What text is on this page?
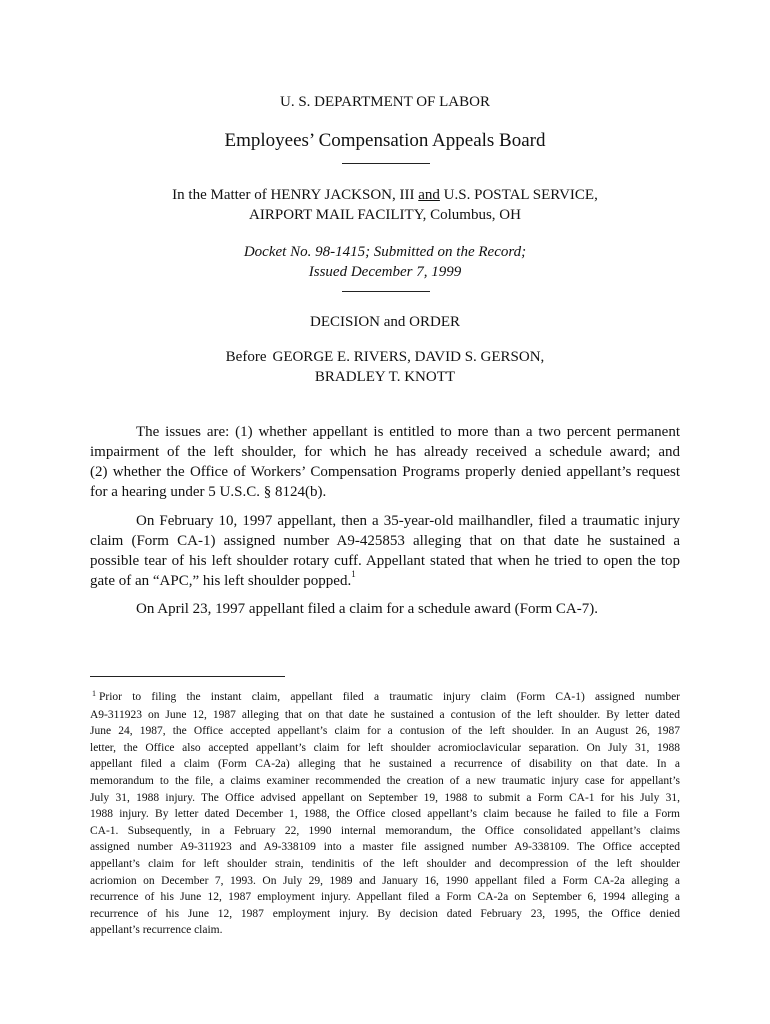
U. S. DEPARTMENT OF LABOR
Employees’ Compensation Appeals Board
In the Matter of HENRY JACKSON, III and U.S. POSTAL SERVICE,
AIRPORT MAIL FACILITY, Columbus, OH
Docket No. 98-1415; Submitted on the Record;
Issued December 7, 1999
DECISION and ORDER
Before GEORGE E. RIVERS, DAVID S. GERSON,
BRADLEY T. KNOTT
The issues are: (1) whether appellant is entitled to more than a two percent permanent
impairment of the left shoulder, for which he has already received a schedule award; and
(2) whether the Office of Workers’ Compensation Programs properly denied appellant’s request
for a hearing under 5 U.S.C. § 8124(b).
On February 10, 1997 appellant, then a 35-year-old mailhandler, filed a traumatic injury
claim (Form CA-1) assigned number A9-425853 alleging that on that date he sustained a
possible tear of his left shoulder rotary cuff. Appellant stated that when he tried to open the top
gate of an “APC,” his left shoulder popped.$^1$
On April 23, 1997 appellant filed a claim for a schedule award (Form CA-7).
$^1$ Prior to filing the instant claim, appellant filed a traumatic injury claim (Form CA-1) assigned number
A9-311923 on June 12, 1987 alleging that on that date he sustained a contusion of the left shoulder. By letter dated
June 24, 1987, the Office accepted appellant’s claim for a contusion of the left shoulder. In an August 26, 1987
letter, the Office also accepted appellant’s claim for left shoulder acromioclavicular separation. On July 31, 1988
appellant filed a claim (Form CA-2a) alleging that he sustained a recurrence of disability on that date. In a
memorandum to the file, a claims examiner recommended the creation of a new traumatic injury case for appellant’s
July 31, 1988 injury. The Office advised appellant on September 19, 1988 to submit a Form CA-1 for his July 31,
1988 injury. By letter dated December 1, 1988, the Office closed appellant’s claim because he failed to file a Form
CA-1. Subsequently, in a February 22, 1990 internal memorandum, the Office consolidated appellant’s claims
assigned number A9-311923 and A9-338109 into a master file assigned number A9-338109. The Office accepted
appellant’s claim for left shoulder strain, tendinitis of the left shoulder and decompression of the left shoulder
acriomion on December 7, 1993. On July 29, 1989 and January 16, 1990 appellant filed a Form CA-2a alleging a
recurrence of his June 12, 1987 employment injury. Appellant filed a Form CA-2a on September 6, 1994 alleging a
recurrence of his June 12, 1987 employment injury. By decision dated February 23, 1995, the Office denied
appellant’s recurrence claim.
